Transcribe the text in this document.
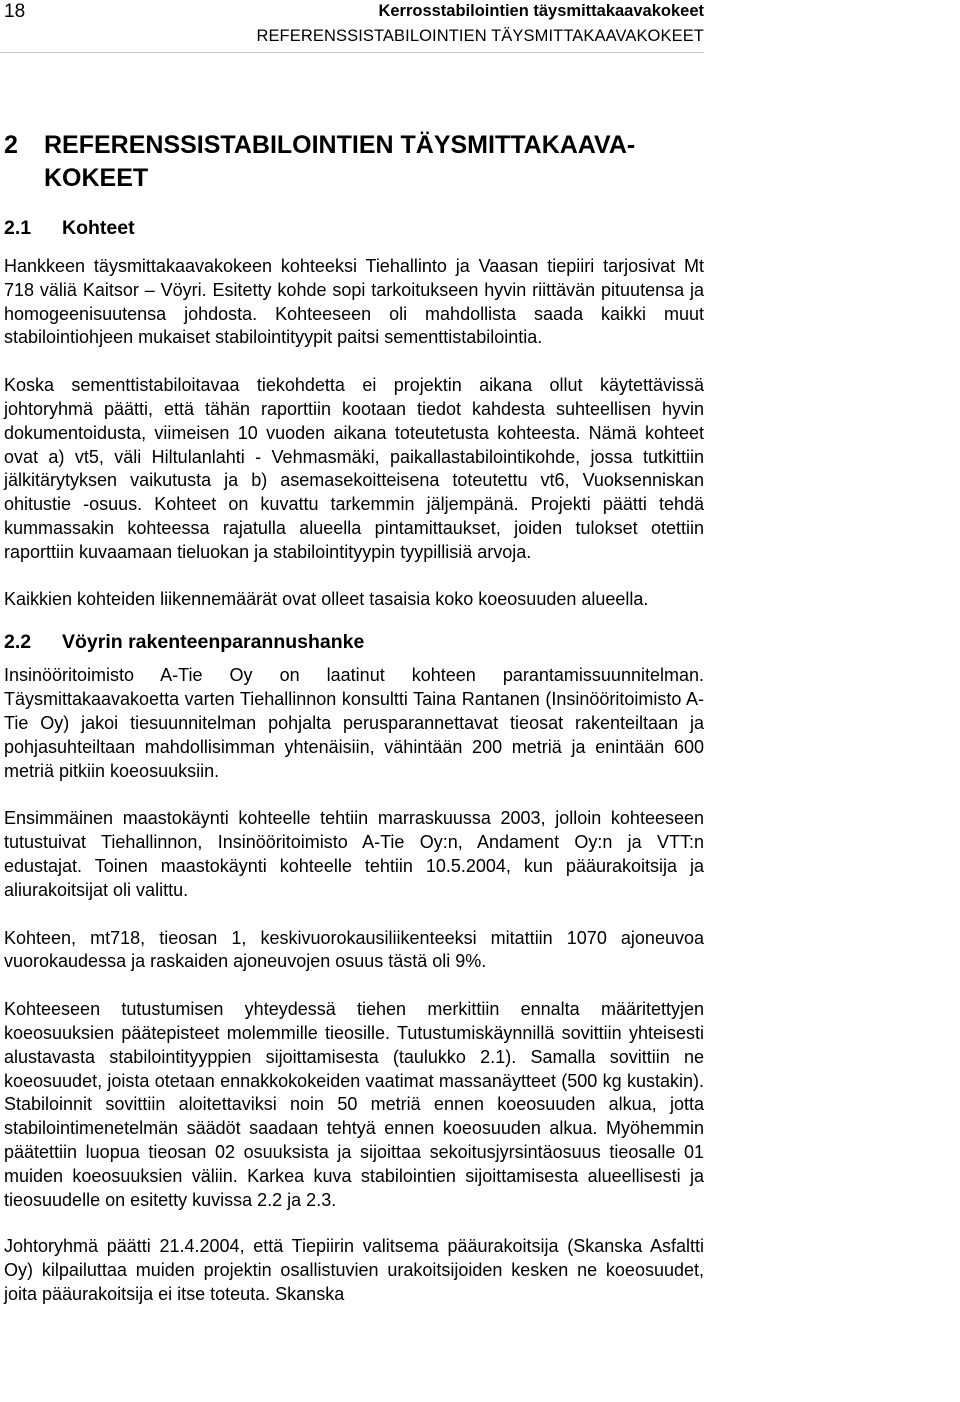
18	Kerrosstabilointien täysmittakaavakokeet
REFERENSSISTABILOINTIEN TÄYSMITTAKAAVAKOKEET
2	REFERENSSISTABILOINTIEN TÄYSMITTAKAAVA-KOKEET
2.1	Kohteet
Hankkeen täysmittakaavakokeen kohteeksi Tiehallinto ja Vaasan tiepiiri tarjosivat Mt 718 väliä Kaitsor – Vöyri. Esitetty kohde sopi tarkoitukseen hyvin riittävän pituutensa ja homogeenisuutensa johdosta. Kohteeseen oli mahdollista saada kaikki muut stabilointiohjeen mukaiset stabilointityypit paitsi sementtistabilointia.
Koska sementtistabiloitavaa tiekohdetta ei projektin aikana ollut käytettävissä johtoryhmä päätti, että tähän raporttiin kootaan tiedot kahdesta suhteellisen hyvin dokumentoidusta, viimeisen 10 vuoden aikana toteutetusta kohteesta. Nämä kohteet ovat a) vt5, väli Hiltulanlahti - Vehmasmäki, paikallastabilointikohde, jossa tutkittiin jälkitärytyksen vaikutusta ja b) asemasekoitteisena toteutettu vt6, Vuoksenniskan ohitustie -osuus. Kohteet on kuvattu tarkemmin jäljempänä. Projekti päätti tehdä kummassakin kohteessa rajatulla alueella pintamittaukset, joiden tulokset otettiin raporttiin kuvaamaan tieluokan ja stabilointityypin tyypillisiä arvoja.
Kaikkien kohteiden liikennemäärät ovat olleet tasaisia koko koeosuuden alueella.
2.2	Vöyrin rakenteenparannushanke
Insinööritoimisto A-Tie Oy on laatinut kohteen parantamissuunnitelman. Täysmittakaavakoetta varten Tiehallinnon konsultti Taina Rantanen (Insinööritoimisto A-Tie Oy) jakoi tiesuunnitelman pohjalta perusparannettavat tieosat rakenteiltaan ja pohjasuhteiltaan mahdollisimman yhtenäisiin, vähintään 200 metriä ja enintään 600 metriä pitkiin koeosuuksiin.
Ensimmäinen maastokäynti kohteelle tehtiin marraskuussa 2003, jolloin kohteeseen tutustuivat Tiehallinnon, Insinööritoimisto A-Tie Oy:n, Andament Oy:n ja VTT:n edustajat. Toinen maastokäynti kohteelle tehtiin 10.5.2004, kun pääurakoitsija ja aliurakoitsijat oli valittu.
Kohteen, mt718, tieosan 1, keskivuorokausiliikenteeksi mitattiin 1070 ajoneuvoa vuorokaudessa ja raskaiden ajoneuvojen osuus tästä oli 9%.
Kohteeseen tutustumisen yhteydessä tiehen merkittiin ennalta määritettyjen koeosuuksien päätepisteet molemmille tieosille. Tutustumiskäynnillä sovittiin yhteisesti alustavasta stabilointityyppien sijoittamisesta (taulukko 2.1). Samalla sovittiin ne koeosuudet, joista otetaan ennakkokokeiden vaatimat massanäytteet (500 kg kustakin). Stabiloinnit sovittiin aloitettaviksi noin 50 metriä ennen koeosuuden alkua, jotta stabilointimenetelmän säädöt saadaan tehtyä ennen koeosuuden alkua. Myöhemmin päätettiin luopua tieosan 02 osuuksista ja sijoittaa sekoitusjyrsintäosuus tieosalle 01 muiden koeosuuksien väliin. Karkea kuva stabilointien sijoittamisesta alueellisesti ja tieosuudelle on esitetty kuvissa 2.2 ja 2.3.
Johtoryhmä päätti 21.4.2004, että Tiepiirin valitsema pääurakoitsija (Skanska Asfaltti Oy) kilpailuttaa muiden projektin osallistuvien urakoitsijoiden kesken ne koeosuudet, joita pääurakoitsija ei itse toteuta. Skanska
